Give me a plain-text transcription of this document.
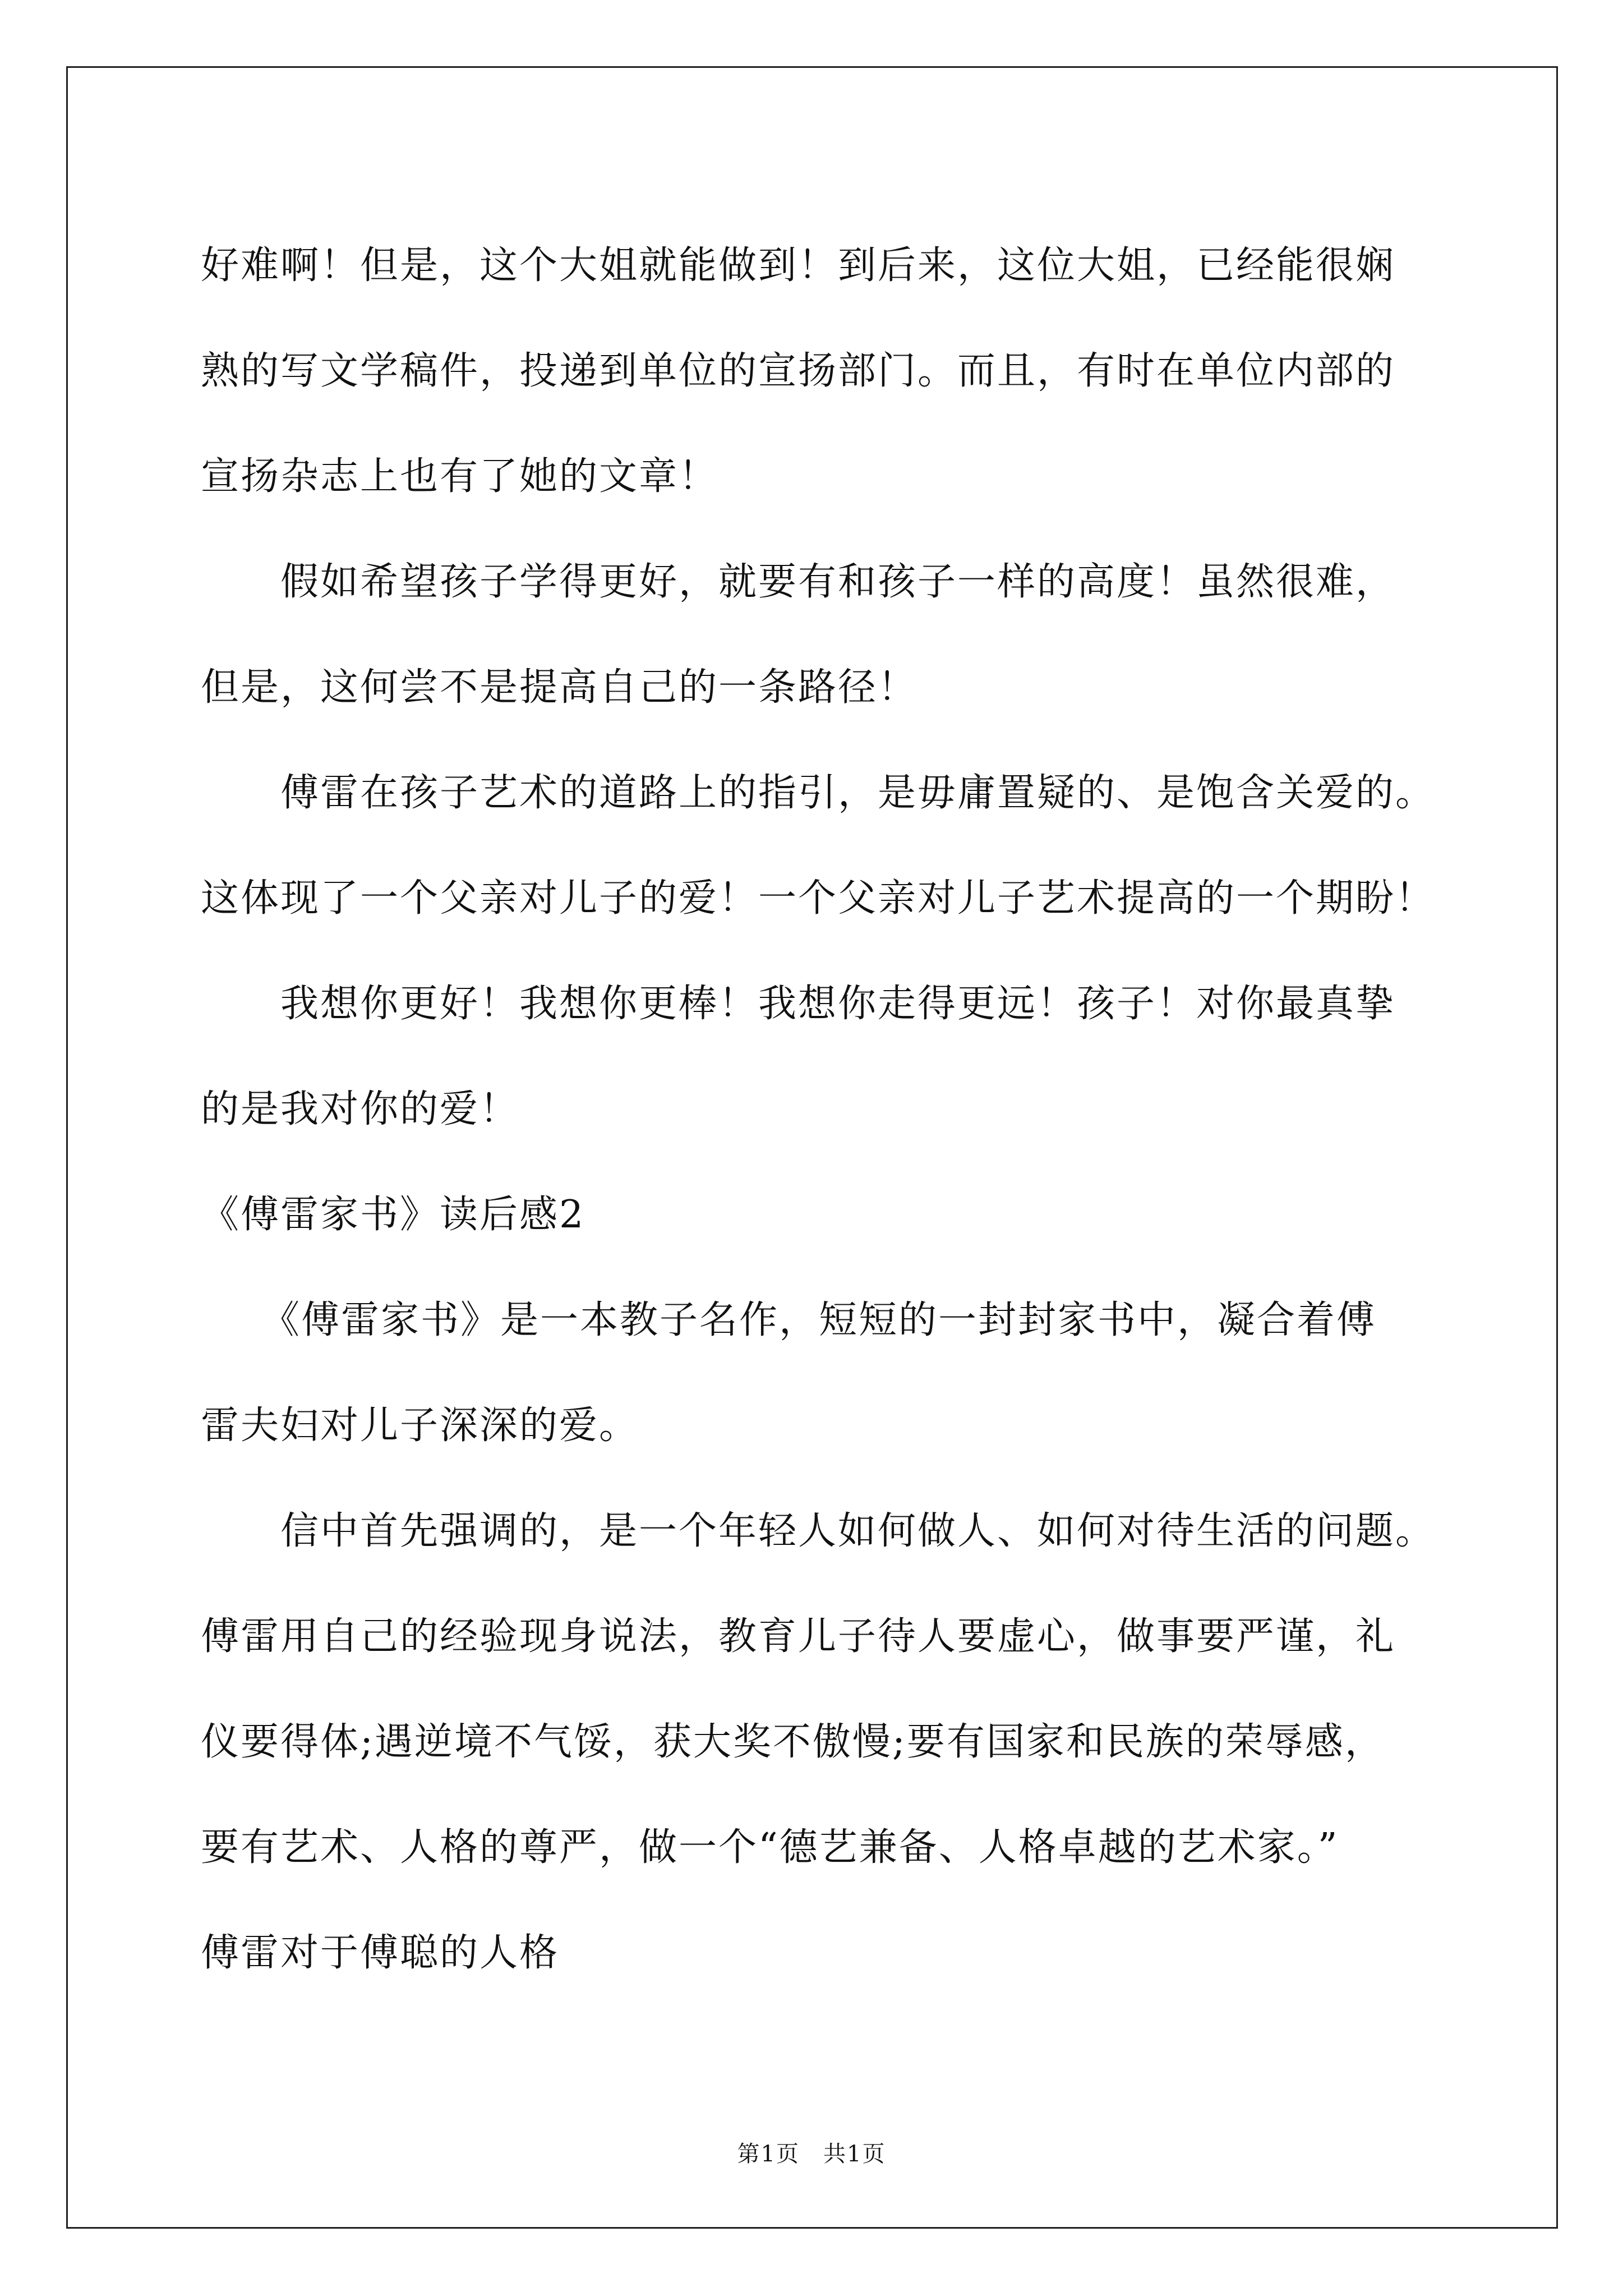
好难啊！但是，这个大姐就能做到！到后来，这位大姐，已经能很娴
熟的写文学稿件，投递到单位的宣扬部门。而且，有时在单位内部的
宣扬杂志上也有了她的文章！
　　假如希望孩子学得更好，就要有和孩子一样的高度！虽然很难，
但是，这何尝不是提高自己的一条路径！
　　傅雷在孩子艺术的道路上的指引，是毋庸置疑的、是饱含关爱的。
这体现了一个父亲对儿子的爱！一个父亲对儿子艺术提高的一个期盼！
　　我想你更好！我想你更棒！我想你走得更远！孩子！对你最真挚
的是我对你的爱！
《傅雷家书》读后感2
　　《傅雷家书》是一本教子名作，短短的一封封家书中，凝合着傅
雷夫妇对儿子深深的爱。
　　信中首先强调的，是一个年轻人如何做人、如何对待生活的问题。
傅雷用自己的经验现身说法，教育儿子待人要虚心，做事要严谨，礼
仪要得体;遇逆境不气馁，获大奖不傲慢;要有国家和民族的荣辱感，
要有艺术、人格的尊严，做一个“德艺兼备、人格卓越的艺术家。”
傅雷对于傅聪的人格
第1页　共1页
